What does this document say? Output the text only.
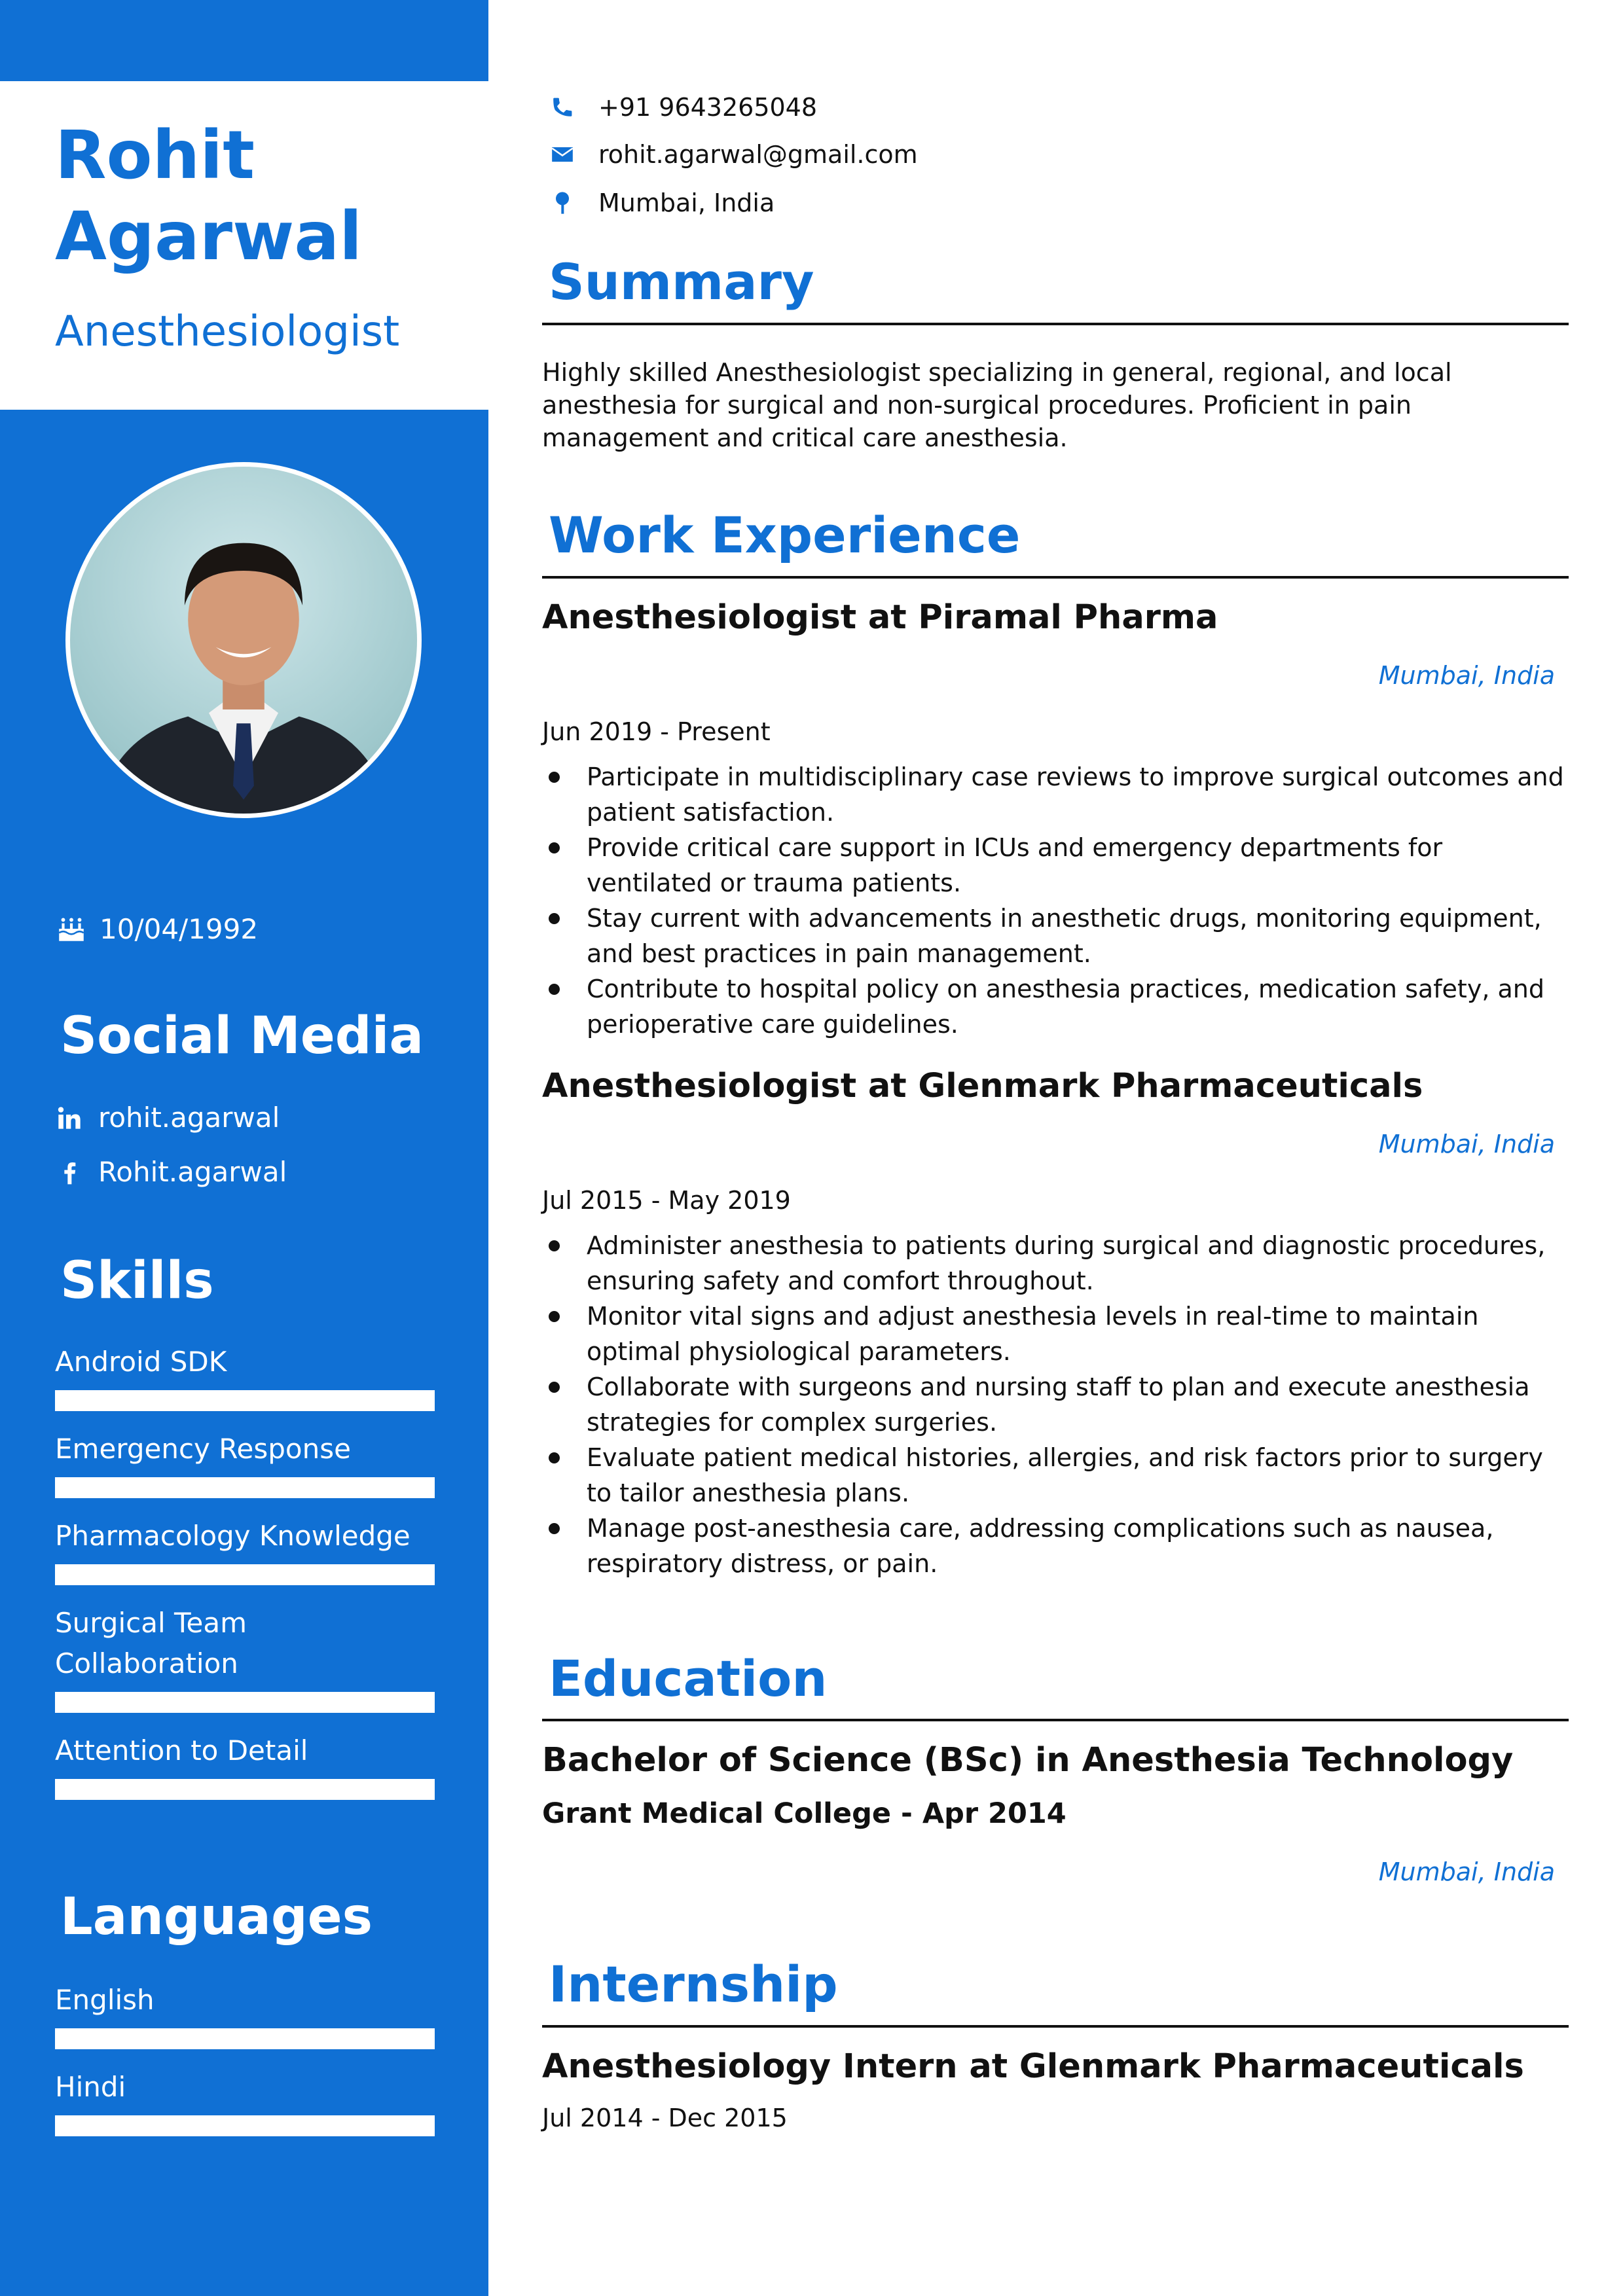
Rohit Agarwal
Anesthesiologist
10/04/1992
Social Media
rohit.agarwal
Rohit.agarwal
Skills
Android SDK
Emergency Response
Pharmacology Knowledge
Surgical Team Collaboration
Attention to Detail
Languages
English
Hindi
+91 9643265048
rohit.agarwal@gmail.com
Mumbai, India
Summary
Highly skilled Anesthesiologist specializing in general, regional, and local anesthesia for surgical and non-surgical procedures. Proficient in pain management and critical care anesthesia.
Work Experience
Anesthesiologist at Piramal Pharma
Mumbai, India
Jun 2019 - Present
Participate in multidisciplinary case reviews to improve surgical outcomes and patient satisfaction.
Provide critical care support in ICUs and emergency departments for ventilated or trauma patients.
Stay current with advancements in anesthetic drugs, monitoring equipment, and best practices in pain management.
Contribute to hospital policy on anesthesia practices, medication safety, and perioperative care guidelines.
Anesthesiologist at Glenmark Pharmaceuticals
Mumbai, India
Jul 2015 - May 2019
Administer anesthesia to patients during surgical and diagnostic procedures, ensuring safety and comfort throughout.
Monitor vital signs and adjust anesthesia levels in real-time to maintain optimal physiological parameters.
Collaborate with surgeons and nursing staff to plan and execute anesthesia strategies for complex surgeries.
Evaluate patient medical histories, allergies, and risk factors prior to surgery to tailor anesthesia plans.
Manage post-anesthesia care, addressing complications such as nausea, respiratory distress, or pain.
Education
Bachelor of Science (BSc) in Anesthesia Technology
Grant Medical College - Apr 2014
Mumbai, India
Internship
Anesthesiology Intern at Glenmark Pharmaceuticals
Jul 2014 - Dec 2015
